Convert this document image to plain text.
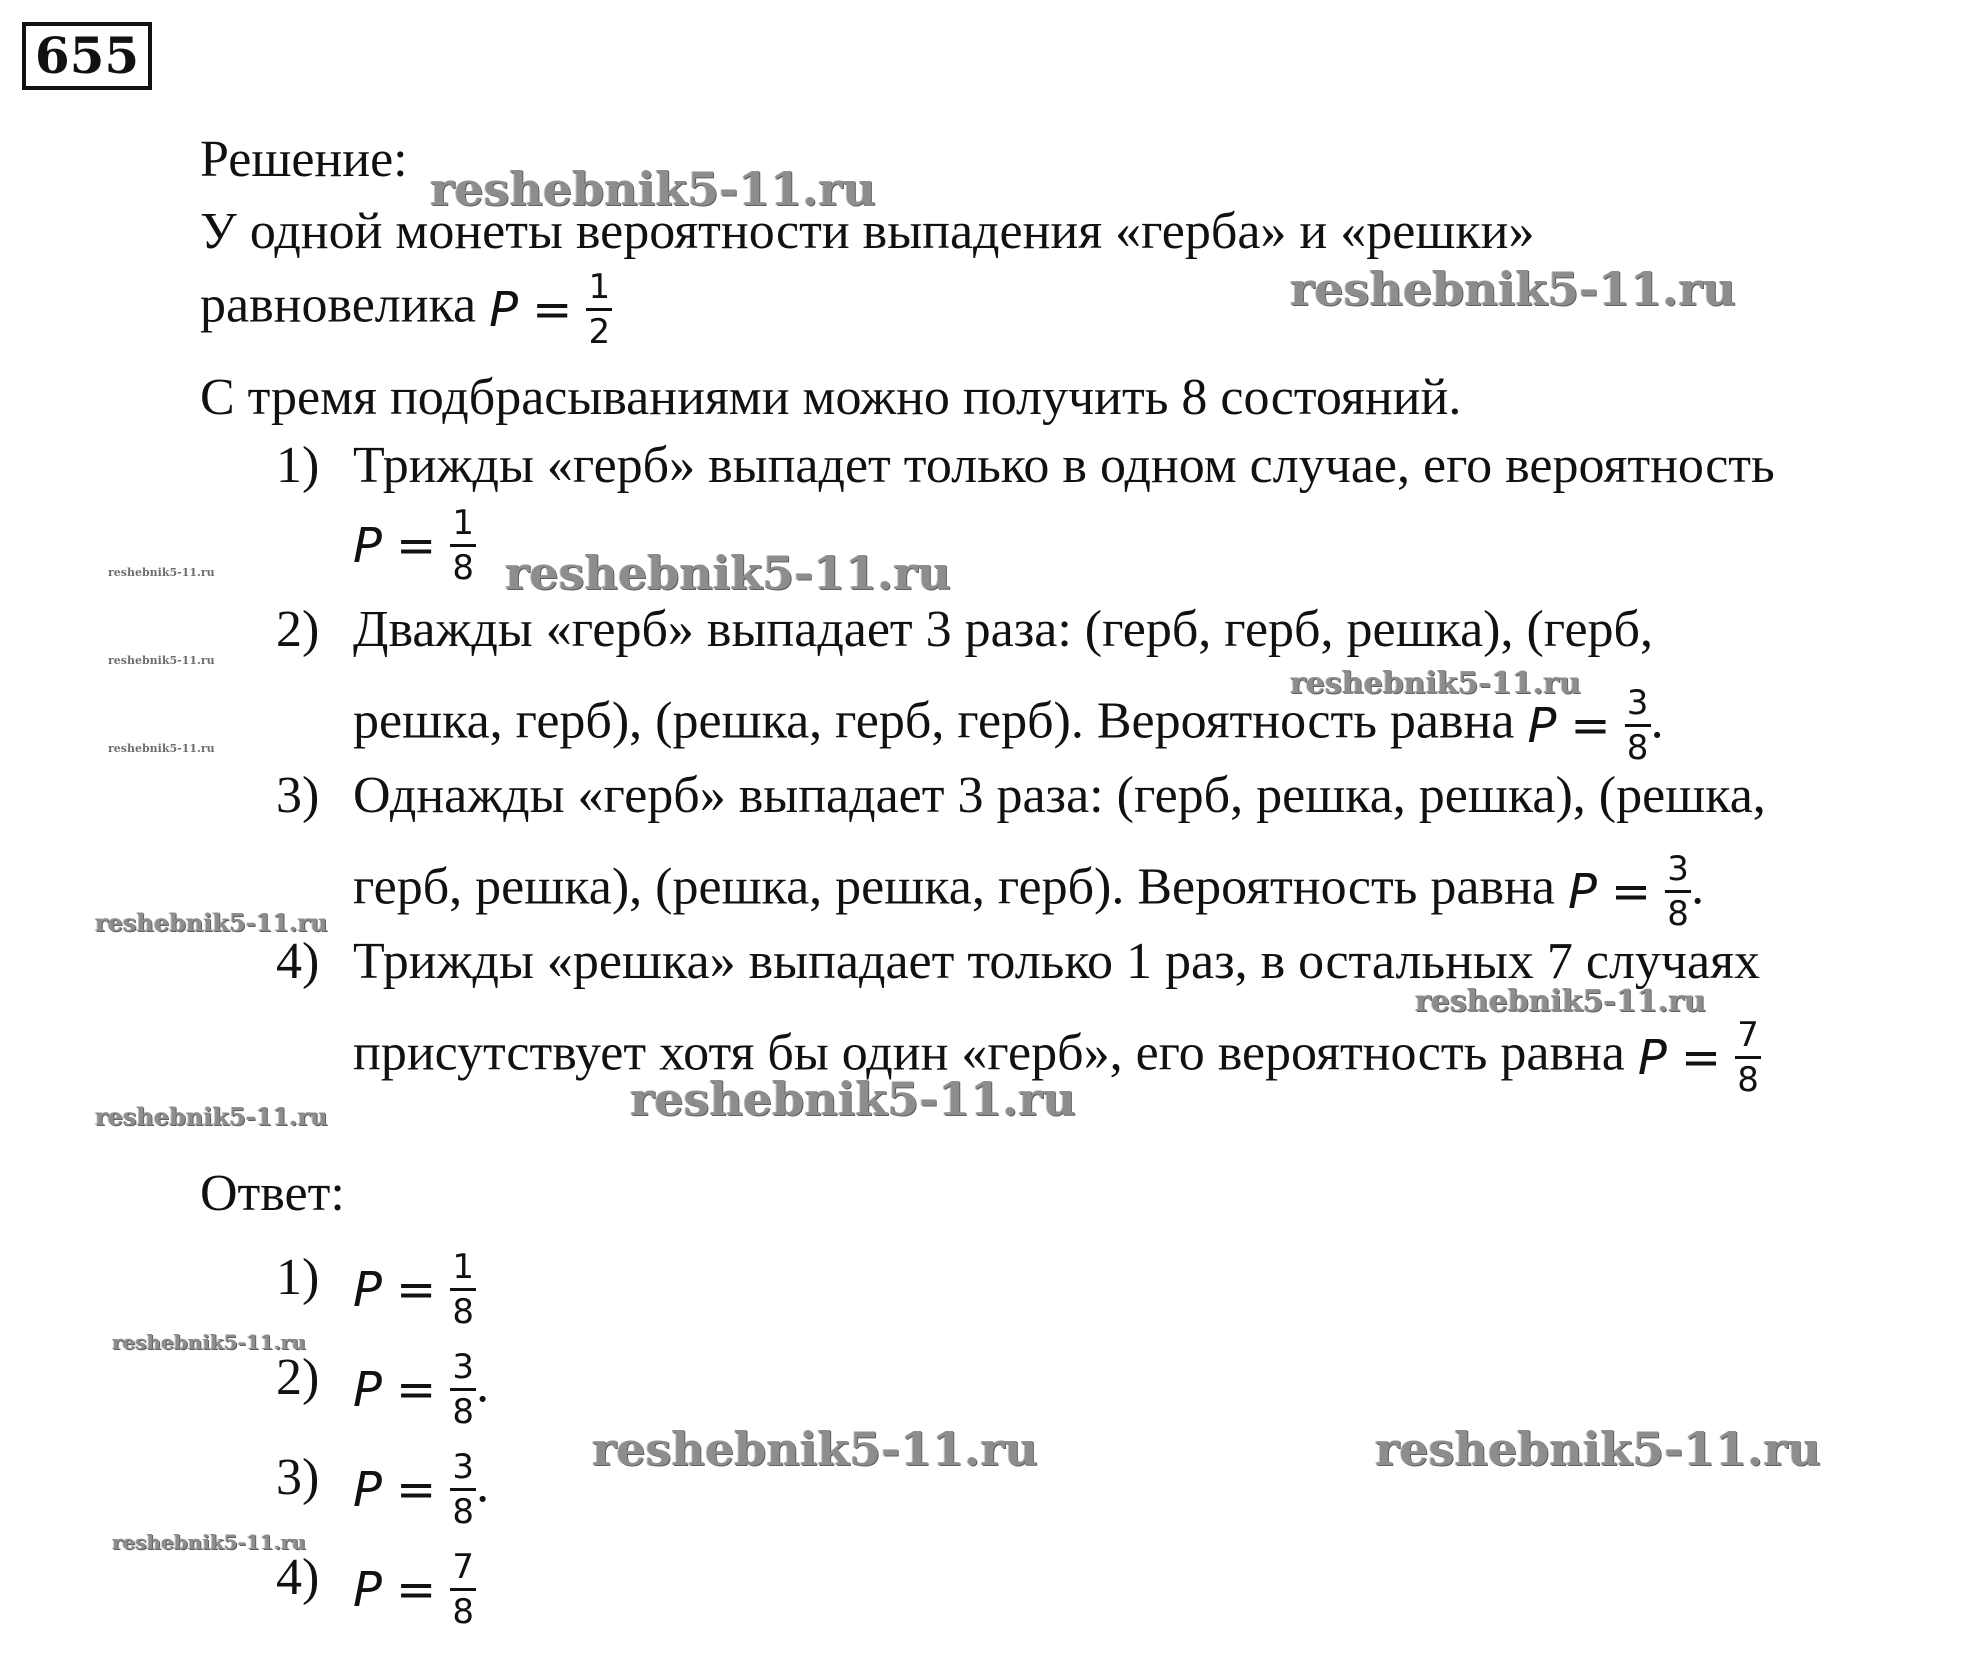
655
Решение:
У одной монеты вероятности выпадения «герба» и «решки»
равновелика $P = \frac{1}{2}$
С тремя подбрасываниями можно получить 8 состояний.
1) Трижды «герб» выпадет только в одном случае, его вероятность
$P = \frac{1}{8}$
2) Дважды «герб» выпадает 3 раза: (герб, герб, решка), (герб,
решка, герб), (решка, герб, герб). Вероятность равна $P = \frac{3}{8}$ .
3) Однажды «герб» выпадает 3 раза: (герб, решка, решка), (решка,
герб, решка), (решка, решка, герб). Вероятность равна $P = \frac{3}{8}$ .
4) Трижды «решка» выпадает только 1 раз, в остальных 7 случаях
присутствует хотя бы один «герб», его вероятность равна $P = \frac{7}{8}$
Ответ:
1) $P = \frac{1}{8}$
2) $P = \frac{3}{8}$ .
3) $P = \frac{3}{8}$ .
4) $P = \frac{7}{8}$
reshebnik5-11.ru
reshebnik5-11.ru
reshebnik5-11.ru
reshebnik5-11.ru
reshebnik5-11.ru
reshebnik5-11.ru
reshebnik5-11.ru
reshebnik5-11.ru
reshebnik5-11.ru
reshebnik5-11.ru
reshebnik5-11.ru
reshebnik5-11.ru
reshebnik5-11.ru
reshebnik5-11.ru	reshebnik5-11.ru
